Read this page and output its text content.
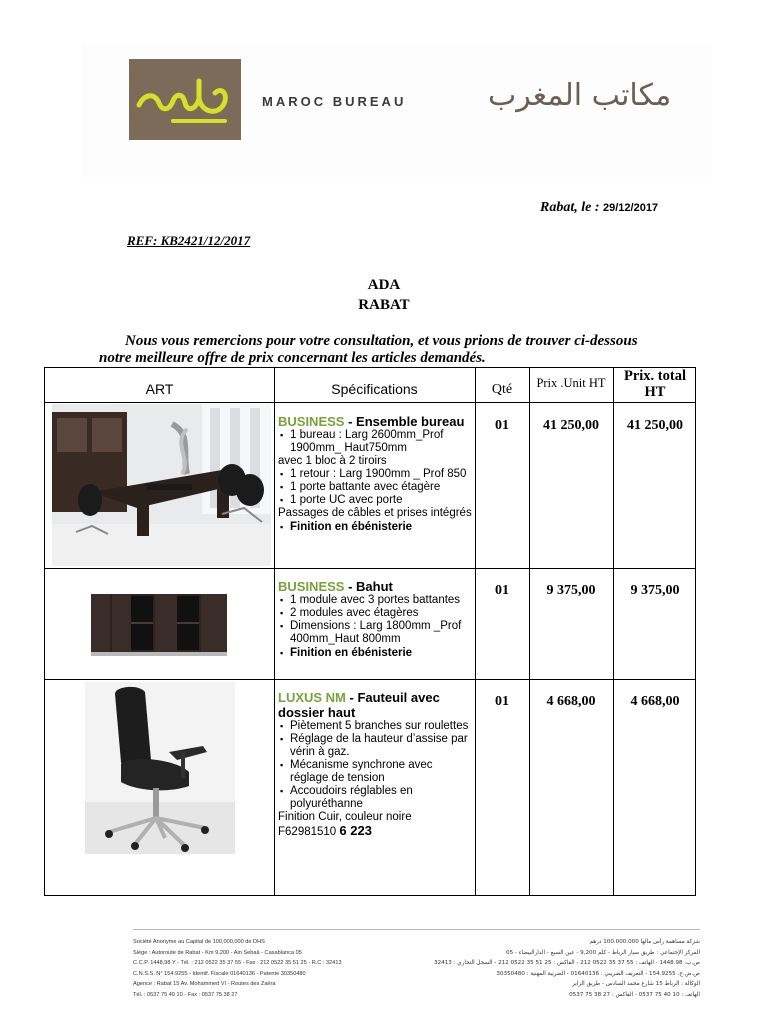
MAROC BUREAU	مكاتب المغرب
Rabat, le : 29/12/2017
REF: KB2421/12/2017
ADA
RABAT
Nous vous remercions pour votre consultation, et vous prions de trouver ci-dessous
notre meilleure offre de prix concernant les articles demandés.
ART	Spécifications	Qté	Prix .Unit HT	Prix. total
HT
BUSINESS - Ensemble bureau
▪ 1 bureau : Larg 2600mm_Prof 1900mm_ Haut750mm
avec 1 bloc à 2 tiroirs
▪ 1 retour : Larg 1900mm _ Prof 850
▪ 1 porte battante avec étagère
▪ 1 porte UC avec porte
Passages de câbles et prises intégrés
▪ Finition en ébénisterie
01	41 250,00	41 250,00
BUSINESS - Bahut
▪ 1 module avec 3 portes battantes
▪ 2 modules avec étagères
▪ Dimensions : Larg 1800mm _Prof 400mm_Haut 800mm
▪ Finition en ébénisterie
01	9 375,00	9 375,00
LUXUS NM - Fauteuil avec dossier haut
▪ Piètement 5 branches sur roulettes
▪ Réglage de la hauteur d’assise par vérin à gaz.
▪ Mécanisme synchrone avec réglage de tension
▪ Accoudoirs réglables en polyuréthanne
Finition Cuir, couleur noire
F62981510 6 223
01	4 668,00	4 668,00
Société Anonyme au Capital de 100,000,000 de DHS
Siège : Autoroute de Rabat - Km 9,200 - Ain Sebaâ - Casablanca 05
C.C.P. 1448,98 Y - Tél. : 212 0522 35 37 55 - Fax : 212 0522 35 51 25 - R.C : 32413
C.N.S.S. N° 154.9255 - Identif. Fiscale 01640136 - Patente 30350480
Agence : Rabat 15 Av. Mohammed VI - Routes des Zaëra
Tél. : 0537 75 40 10 - Fax : 0537 75 38 27
شركة مساهمة رأس مالها 100.000.000 درهم
المركز الإجتماعي : طريق سيار الرباط - كلم 9,200 - عين السبع - الدارالبيضاء - 05
ص.ب. 1448.98 - الهاتف : 55 37 35 0522 212 - الفاكس : 25 51 35 0522 212 - السجل التجاري : 32413
ص.ض.ج. 154.9255 - التعريف الضريبي : 01640136 - الضريبة المهنية : 30350480
الوكالة : الرباط 15 شارع محمد السادس - طريق الزاير
الهاتف : 10 40 75 0537 - الفاكس : 27 38 75 0537
